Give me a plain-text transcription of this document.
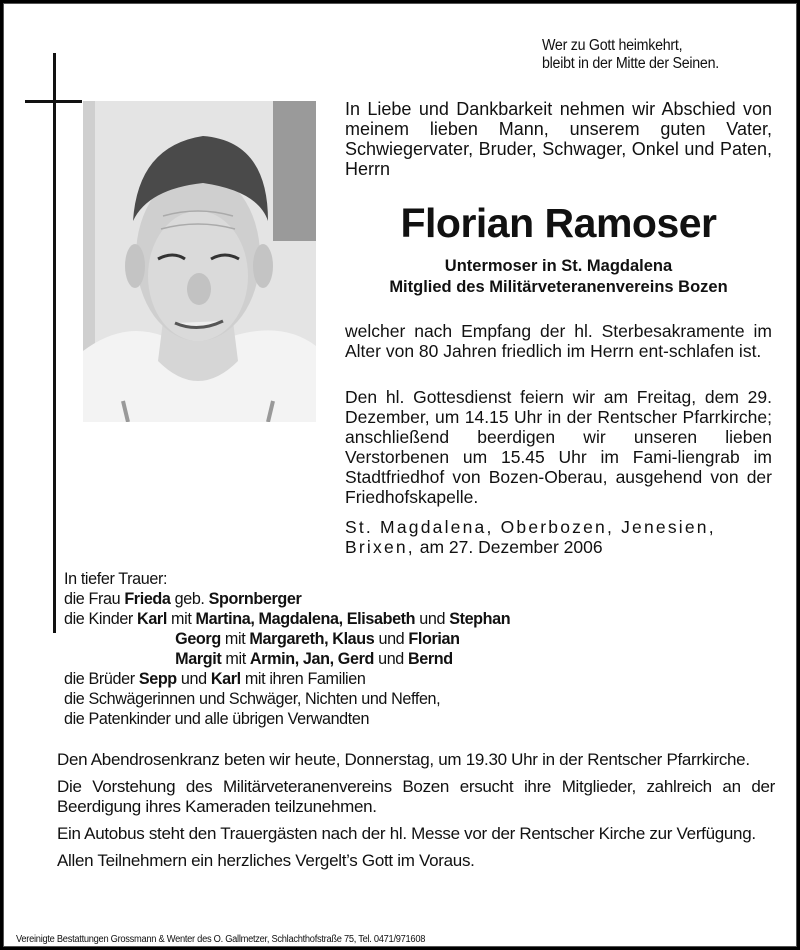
Wer zu Gott heimkehrt,
bleibt in der Mitte der Seinen.
In Liebe und Dankbarkeit nehmen wir Abschied von meinem lieben Mann, unserem guten Vater, Schwiegervater, Bruder, Schwager, Onkel und Paten, Herrn
Florian Ramoser
Untermoser in St. Magdalena
Mitglied des Militärveteranenvereins Bozen
welcher nach Empfang der hl. Sterbesakramente im Alter von 80 Jahren friedlich im Herrn ent-schlafen ist.
Den hl. Gottesdienst feiern wir am Freitag, dem 29. Dezember, um 14.15 Uhr in der Rentscher Pfarrkirche; anschließend beerdigen wir unseren lieben Verstorbenen um 15.45 Uhr im Fami-liengrab im Stadtfriedhof von Bozen-Oberau, ausgehend von der Friedhofskapelle.
St. Magdalena, Oberbozen, Jenesien,
Brixen, am 27. Dezember 2006
In tiefer Trauer:
die Frau Frieda geb. Spornberger
die Kinder Karl mit Martina, Magdalena, Elisabeth und Stephan
Georg mit Margareth, Klaus und Florian
Margit mit Armin, Jan, Gerd und Bernd
die Brüder Sepp und Karl mit ihren Familien
die Schwägerinnen und Schwäger, Nichten und Neffen,
die Patenkinder und alle übrigen Verwandten

Den Abendrosenkranz beten wir heute, Donnerstag, um 19.30 Uhr in der Rentscher Pfarrkirche.

Die Vorstehung des Militärveteranenvereins Bozen ersucht ihre Mitglieder, zahlreich an der Beerdigung ihres Kameraden teilzunehmen.

Ein Autobus steht den Trauergästen nach der hl. Messe vor der Rentscher Kirche zur Verfügung.

Allen Teilnehmern ein herzliches Vergelt’s Gott im Voraus.

Vereinigte Bestattungen Grossmann & Wenter des O. Gallmetzer, Schlachthofstraße 75, Tel. 0471/971608
